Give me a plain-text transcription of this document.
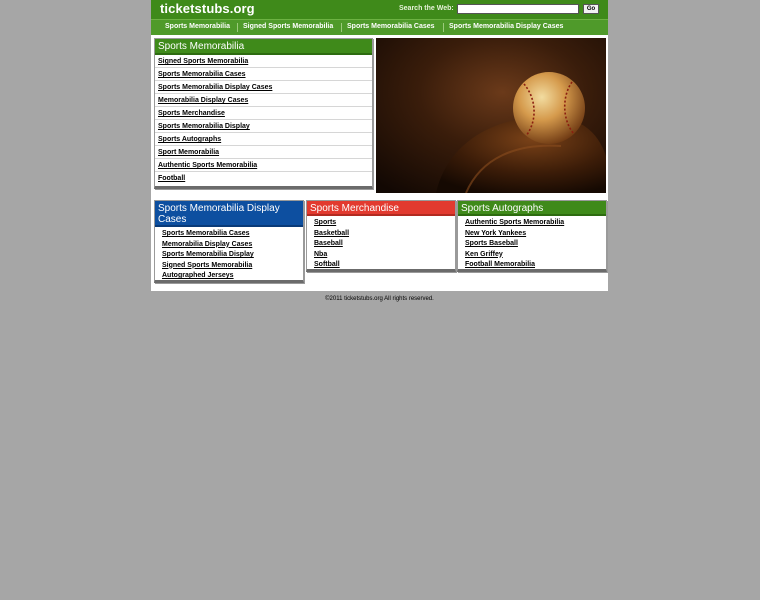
ticketstubs.org	Search the Web:	Go
Sports Memorabilia Signed Sports Memorabilia Sports Memorabilia Cases Sports Memorabilia Display Cases
Sports Memorabilia
Signed Sports Memorabilia
Sports Memorabilia Cases
Sports Memorabilia Display Cases
Memorabilia Display Cases
Sports Merchandise
Sports Memorabilia Display
Sports Autographs
Sport Memorabilia
Authentic Sports Memorabilia
Football
Sports Memorabilia Display Cases
Sports Memorabilia Cases
Memorabilia Display Cases
Sports Memorabilia Display
Signed Sports Memorabilia
Autographed Jerseys
Sports Merchandise
Sports
Basketball
Baseball
Nba
Softball
Sports Autographs
Authentic Sports Memorabilia
New York Yankees
Sports Baseball
Ken Griffey
Football Memorabilia
©2011 ticketstubs.org All rights reserved.
